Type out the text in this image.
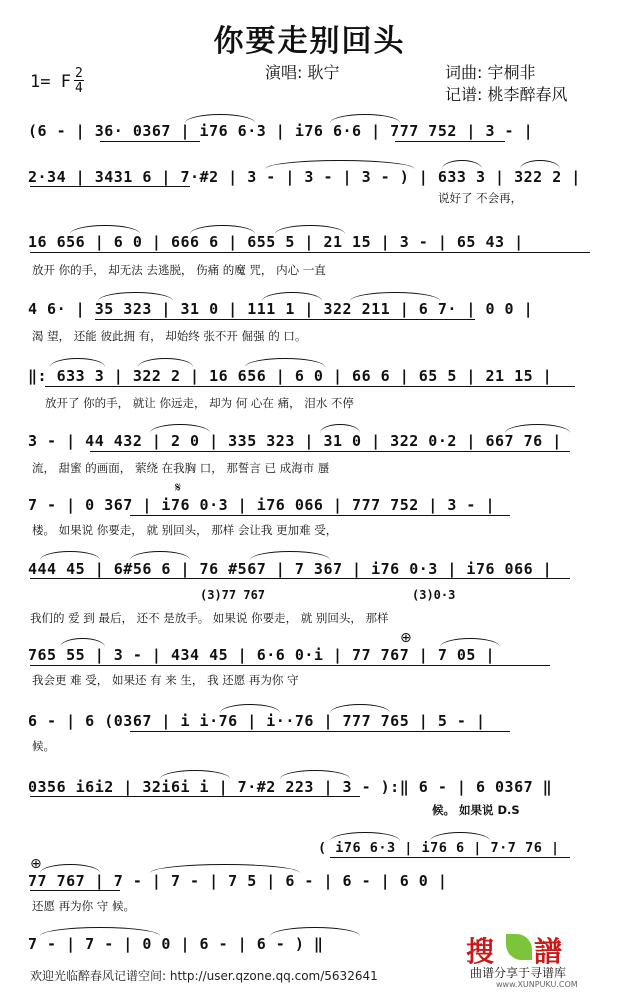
你要走别回头
1= F 2
4
演唱: 耿宁	词曲: 宇桐非
记谱: 桃李醉春风
(6 - | 36· 0367 | i76 6·3 | i76 6·6 | 777 752 | 3 - |
2·34 | 3431 6 | 7·#2 | 3 - | 3 - | 3 - ) | 633 3 | 322 2 |
说好了 不会再，
16 656 | 6 0 | 666 6 | 655 5 | 21 15 | 3 - | 65 43 |
放开 你的手， 却无法 去逃脱， 伤痛 的魔 咒， 内心 一直
4 6· | 35 323 | 31 0 | 111 1 | 322 211 | 6 7· | 0 0 |
渴 望， 还能 彼此拥 有， 却始终 张不开 倔强 的 口。
‖: 633 3 | 322 2 | 16 656 | 6 0 | 66 6 | 65 5 | 21 15 |
放开了 你的手， 就让 你远走， 却为 何 心在 痛， 泪水 不停
3 - | 44 432 | 2 0 | 335 323 | 31 0 | 322 0·2 | 667 76 |
流， 甜蜜 的画面， 萦绕 在我胸 口， 那誓言 已 成海市 蜃
𝄋
7 - | 0 367 | i76 0·3 | i76 066 | 777 752 | 3 - |
楼。 如果说 你要走， 就 别回头， 那样 会让我 更加难 受，
444 45 | 6#56 6 | 76 #567 | 7 367 | i76 0·3 | i76 066 |
(3)77 767	(3)0·3
我们的 爱 到 最后， 还不 是放手。 如果说 你要走， 就 别回头， 那样
⊕
765 55 | 3 - | 434 45 | 6·6 0·i | 77 767 | 7 05 |
我会更 难 受， 如果还 有 来 生， 我 还愿 再为你 守
6 - | 6 (0367 | i i·76 | i··76 | 777 765 | 5 - |
候。
0356 i6i2 | 32i6i i | 7·#2 223 | 3 - ):‖ 6 - | 6 0367 ‖
候。 如果说 D.S
( i76 6·3 | i76 6 | 7·7 76 |
⊕
77 767 | 7 - | 7 - | 7 5 | 6 - | 6 - | 6 0 |
还愿 再为你 守 候。
7 - | 7 - | 0 0 | 6 - | 6 - ) ‖
欢迎光临醉春风记谱空间: http://user.qzone.qq.com/5632641
搜 譜
曲谱分享于寻谱库
www.XUNPUKU.COM
